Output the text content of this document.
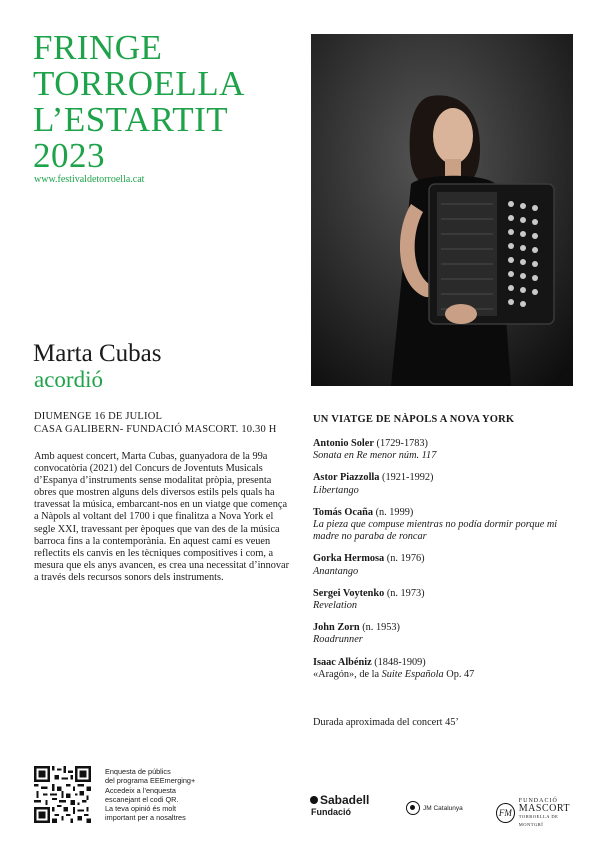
FRINGE
TORROELLA
L’ESTARTIT
2023
www.festivaldetorroella.cat
Marta Cubas
acordió
DIUMENGE 16 DE JULIOL
CASA GALIBERN- FUNDACIÓ MASCORT. 10.30 H
Amb aquest concert, Marta Cubas, guanyadora de la 99a convocatòria (2021) del Concurs de Joventuts Musicals d’Espanya d’instruments sense modalitat pròpia, presenta obres que mostren alguns dels diversos estils pels quals ha travessat la música, embarcant-nos en un viatge que comença a Nàpols al voltant del 1700 i que finalitza a Nova York el segle XXI, travessant per èpoques que van des de la música barroca fins a la contemporània. En aquest camí es veuen reflectits els canvis en les tècniques compositives i com, a mesura que els anys avancen, es crea una necessitat d’innovar a través dels recursos sonors dels instruments.
UN VIATGE DE NÀPOLS A NOVA YORK
Antonio Soler (1729-1783)
Sonata en Re menor núm. 117
Astor Piazzolla (1921-1992)
Libertango
Tomás Ocaña (n. 1999)
La pieza que compuse mientras no podía dormir porque mi madre no paraba de roncar
Gorka Hermosa (n. 1976)
Anantango
Sergei Voytenko (n. 1973)
Revelation
John Zorn (n. 1953)
Roadrunner
Isaac Albéniz (1848-1909)
«Aragón», de la Suite Española Op. 47
Durada aproximada del concert 45’
Enquesta de públics
del programa EEEmerging+
Accedeix a l’enquesta
escanejant el codi QR.
La teva opinió és molt
important per a nosaltres
Sabadell
Fundació	JM Catalunya	FM
FUNDACIÓ
MASCORT
TORROELLA DE MONTGRÍ
